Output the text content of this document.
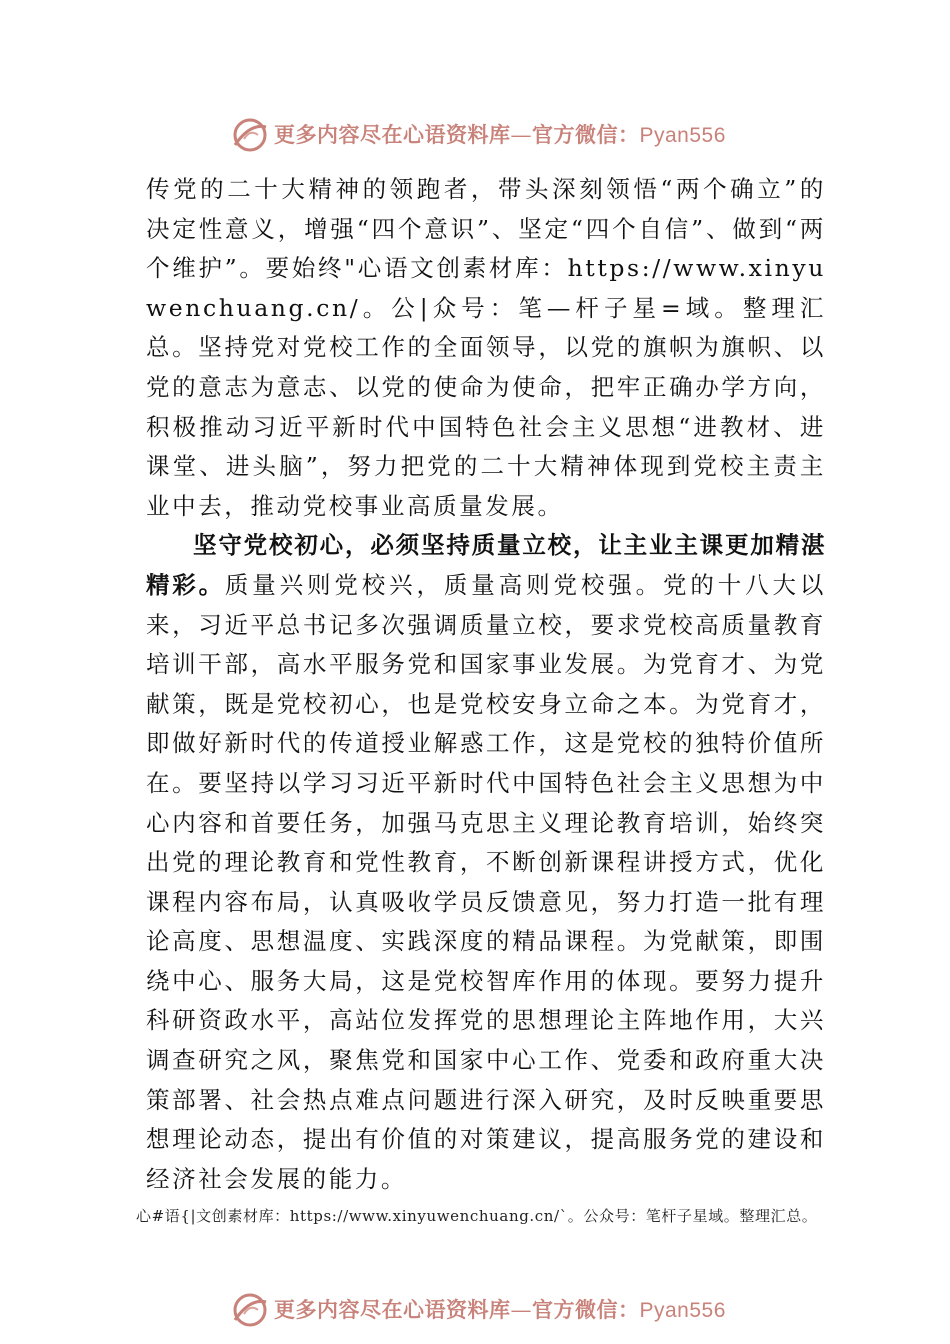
更多内容尽在心语资料库—官方微信：Pyan556

传党的二十大精神的领跑者，带头深刻领悟“两个确立”的决定性意义，增强“四个意识”、坚定“四个自信”、做到“两个维护”。要始终"心语文创素材库：https://www.xinyuwenchuang.cn/。公|众号：笔—杆子星=域。整理汇总。坚持党对党校工作的全面领导，以党的旗帜为旗帜、以党的意志为意志、以党的使命为使命，把牢正确办学方向，积极推动习近平新时代中国特色社会主义思想“进教材、进课堂、进头脑”，努力把党的二十大精神体现到党校主责主业中去，推动党校事业高质量发展。

坚守党校初心，必须坚持质量立校，让主业主课更加精湛精彩。质量兴则党校兴，质量高则党校强。党的十八大以来，习近平总书记多次强调质量立校，要求党校高质量教育培训干部，高水平服务党和国家事业发展。为党育才、为党献策，既是党校初心，也是党校安身立命之本。为党育才， 即做好新时代的传道授业解惑工作，这是党校的独特价值所在。要坚持以学习习近平新时代中国特色社会主义思想为中心内容和首要任务，加强马克思主义理论教育培训，始终突出党的理论教育和党性教育，不断创新课程讲授方式，优化课程内容布局，认真吸收学员反馈意见，努力打造一批有理论高度、思想温度、实践深度的精品课程。为党献策，即围绕中心、服务大局，这是党校智库作用的体现。要努力提升科研资政水平，高站位发挥党的思想理论主阵地作用，大兴调查研究之风，聚焦党和国家中心工作、党委和政府重大决策部署、社会热点难点问题进行深入研究，及时反映重要思想理论动态，提出有价值的对策建议，提高服务党的建设和经济社会发展的能力。

心#语{|文创素材库：https://www.xinyuwenchuang.cn/`。公众号：笔杆子星域。整理汇总。
更多内容尽在心语资料库—官方微信：Pyan556
